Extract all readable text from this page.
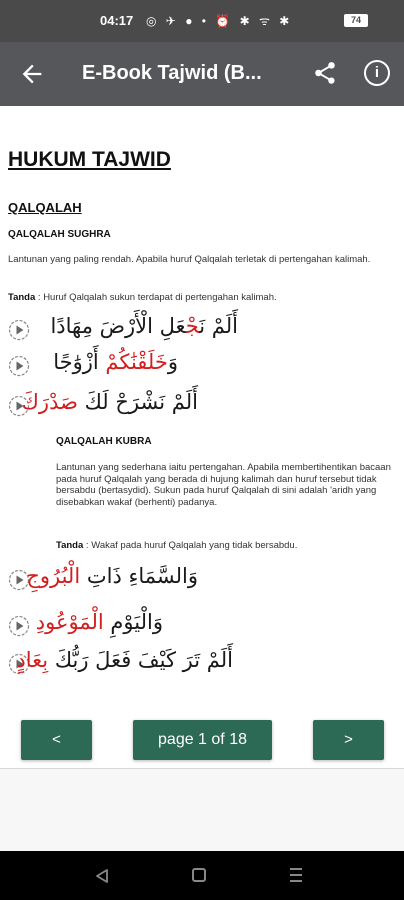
04:17 ◎ ✈ ● • ⏰ ✱ ᯤ ✱	74
E-Book Tajwid (B...	i
HUKUM TAJWID
QALQALAH
QALQALAH SUGHRA
Lantunan yang paling rendah. Apabila huruf Qalqalah terletak di pertengahan kalimah.
Tanda : Huruf Qalqalah sukun terdapat di pertengahan kalimah.
أَلَمْ نَجْعَلِ الْأَرْضَ مِهَادًا
وَخَلَقْنَٰكُمْ أَزْوَٰجًا
أَلَمْ نَشْرَحْ لَكَ صَدْرَكَ
QALQALAH KUBRA
Lantunan yang sederhana iaitu pertengahan. Apabila membertihentikan bacaan pada huruf Qalqalah yang berada di hujung kalimah dan huruf tersebut tidak bersabdu (bertasydid). Sukun pada huruf Qalqalah di sini adalah 'aridh yang disebabkan wakaf (berhenti) padanya.
Tanda : Wakaf pada huruf Qalqalah yang tidak bersabdu.
وَالسَّمَاءِ ذَاتِ الْبُرُوجِ
وَالْيَوْمِ الْمَوْعُودِ
أَلَمْ تَرَ كَيْفَ فَعَلَ رَبُّكَ بِعَادٍ
<	page 1 of 18	>
